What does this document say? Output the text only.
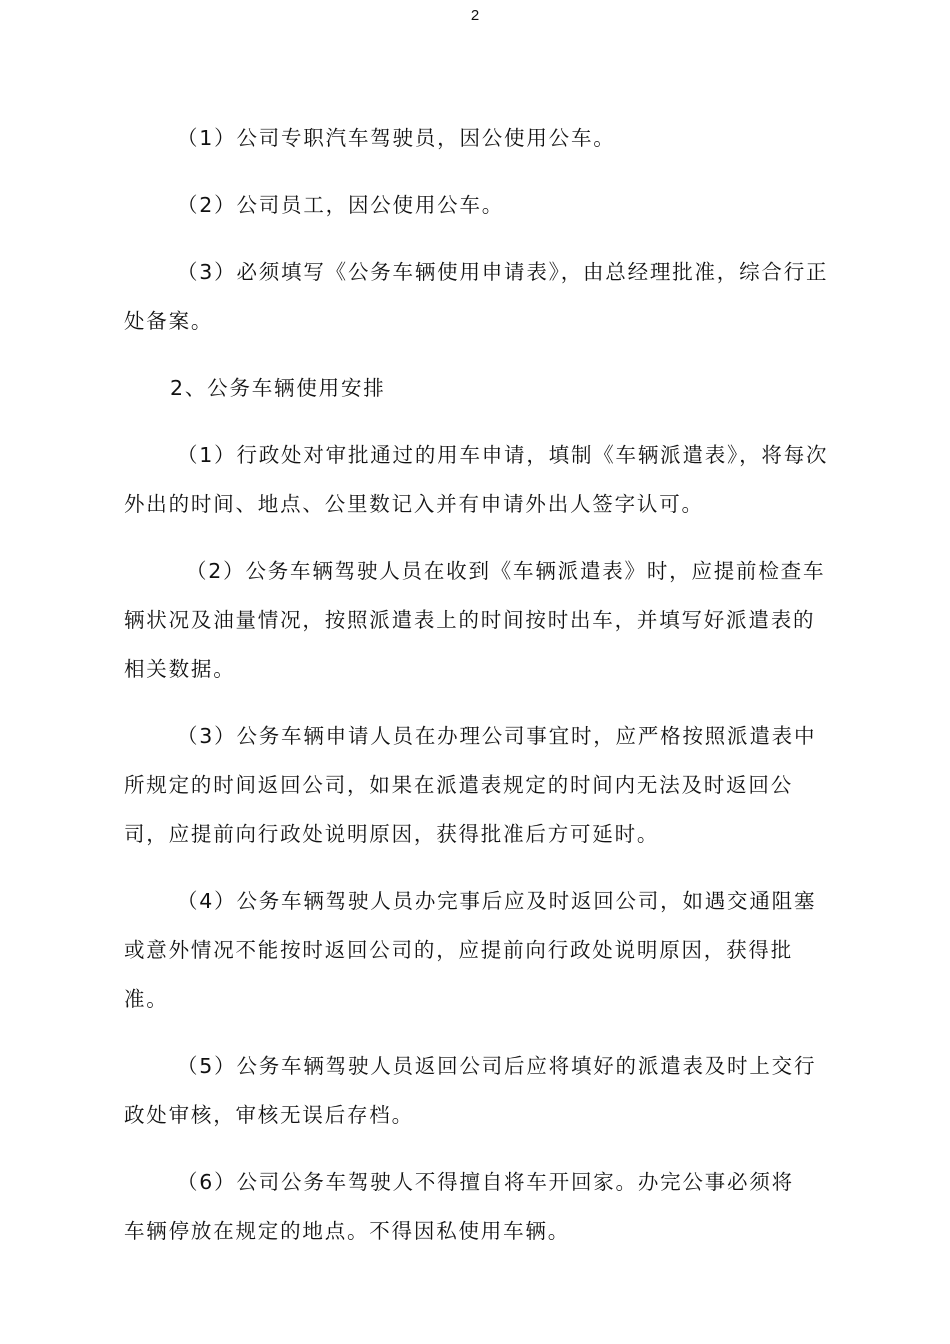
2

（1）公司专职汽车驾驶员，因公使用公车。

（2）公司员工，因公使用公车。

（3）必须填写《公务车辆使用申请表》，由总经理批准，综合行正处备案。

2、公务车辆使用安排

（1）行政处对审批通过的用车申请，填制《车辆派遣表》，将每次外出的时间、地点、公里数记入并有申请外出人签字认可。

（2）公务车辆驾驶人员在收到《车辆派遣表》时，应提前检查车辆状况及油量情况，按照派遣表上的时间按时出车，并填写好派遣表的相关数据。

（3）公务车辆申请人员在办理公司事宜时，应严格按照派遣表中所规定的时间返回公司，如果在派遣表规定的时间内无法及时返回公司，应提前向行政处说明原因，获得批准后方可延时。

（4）公务车辆驾驶人员办完事后应及时返回公司，如遇交通阻塞或意外情况不能按时返回公司的，应提前向行政处说明原因，获得批准。

（5）公务车辆驾驶人员返回公司后应将填好的派遣表及时上交行政处审核，审核无误后存档。

（6）公司公务车驾驶人不得擅自将车开回家。办完公事必须将
车辆停放在规定的地点。不得因私使用车辆。
